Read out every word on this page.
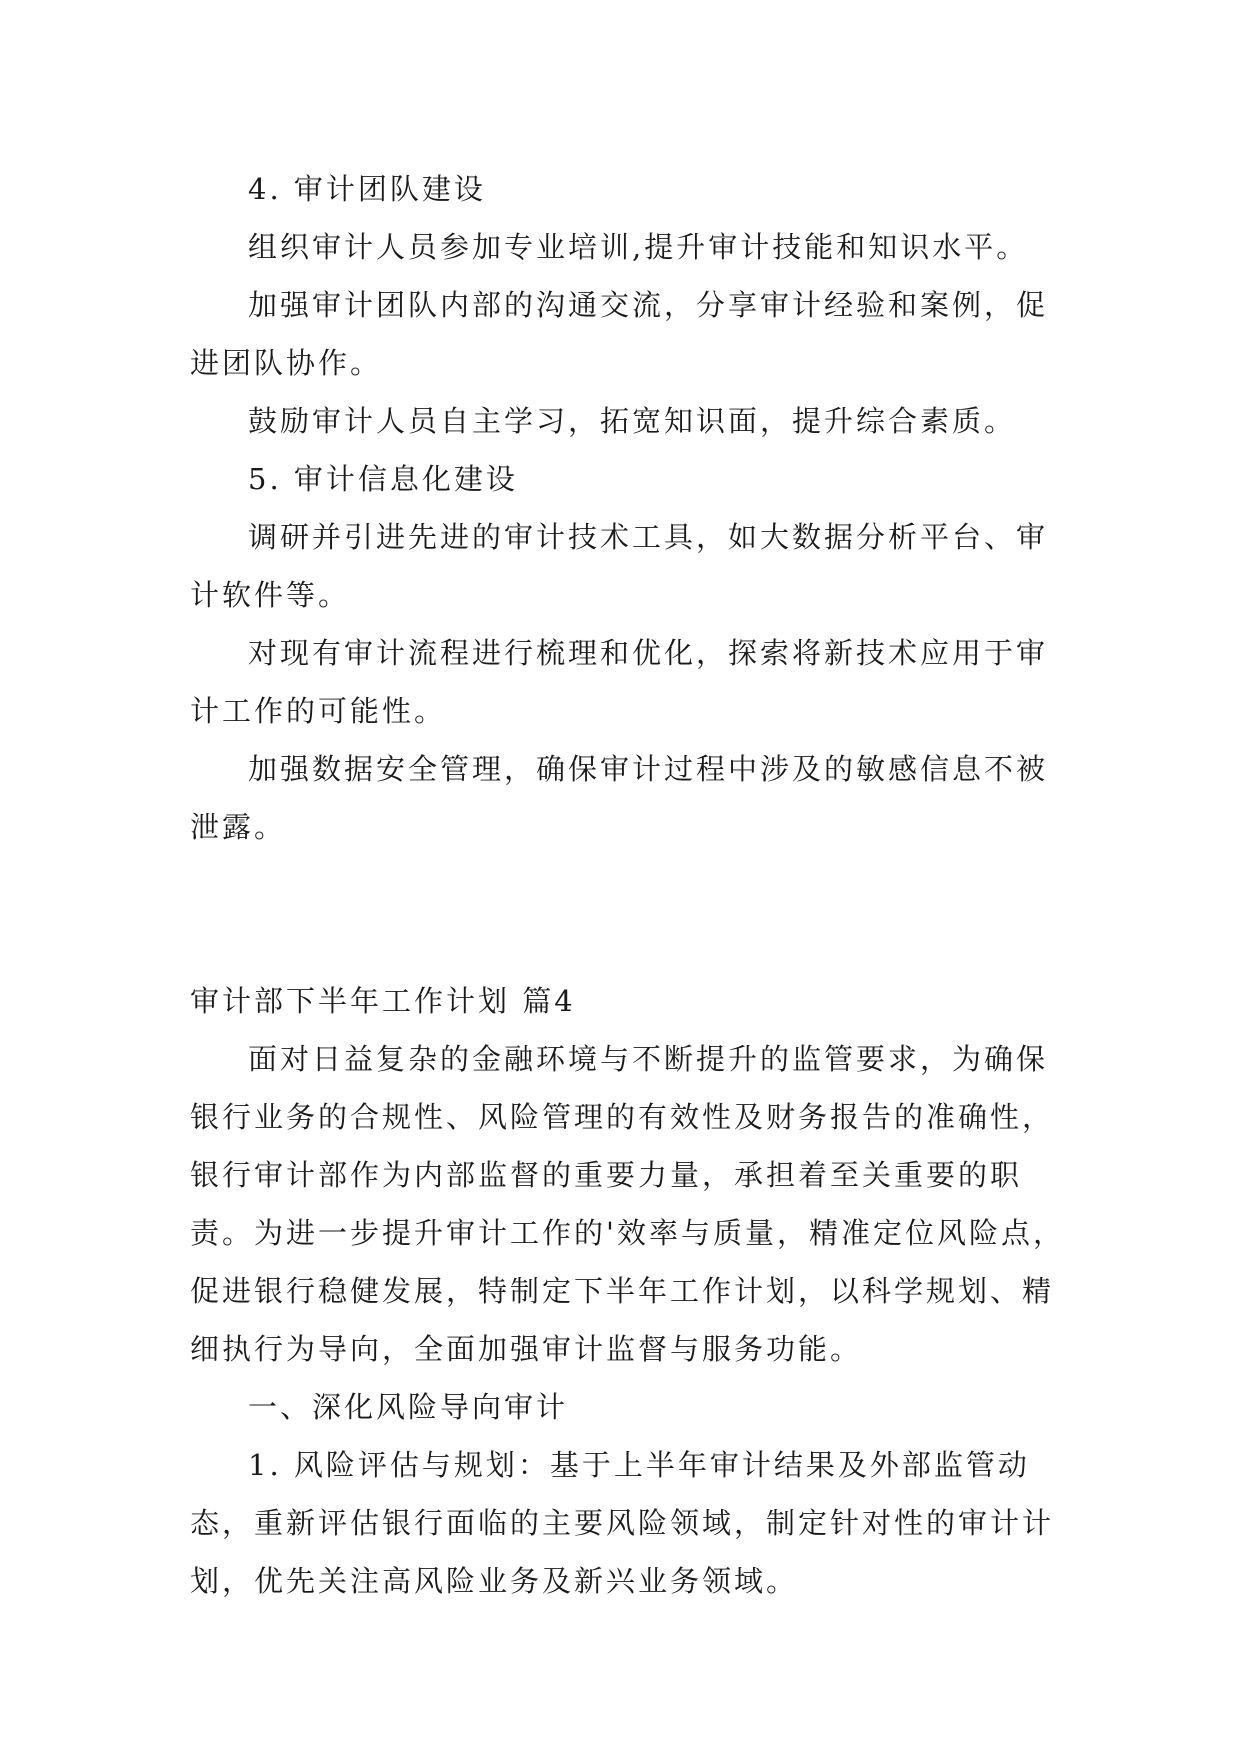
4. 审计团队建设

组织审计人员参加专业培训,提升审计技能和知识水平。

加强审计团队内部的沟通交流，分享审计经验和案例，促进团队协作。

鼓励审计人员自主学习，拓宽知识面，提升综合素质。

5. 审计信息化建设

调研并引进先进的审计技术工具，如大数据分析平台、审计软件等。

对现有审计流程进行梳理和优化，探索将新技术应用于审计工作的可能性。

加强数据安全管理，确保审计过程中涉及的敏感信息不被泄露。

审计部下半年工作计划 篇4

面对日益复杂的金融环境与不断提升的监管要求，为确保银行业务的合规性、风险管理的有效性及财务报告的准确性，银行审计部作为内部监督的重要力量，承担着至关重要的职责。为进一步提升审计工作的'效率与质量，精准定位风险点，促进银行稳健发展，特制定下半年工作计划，以科学规划、精细执行为导向，全面加强审计监督与服务功能。

一、深化风险导向审计

1. 风险评估与规划：基于上半年审计结果及外部监管动态，重新评估银行面临的主要风险领域，制定针对性的审计计划，优先关注高风险业务及新兴业务领域。
